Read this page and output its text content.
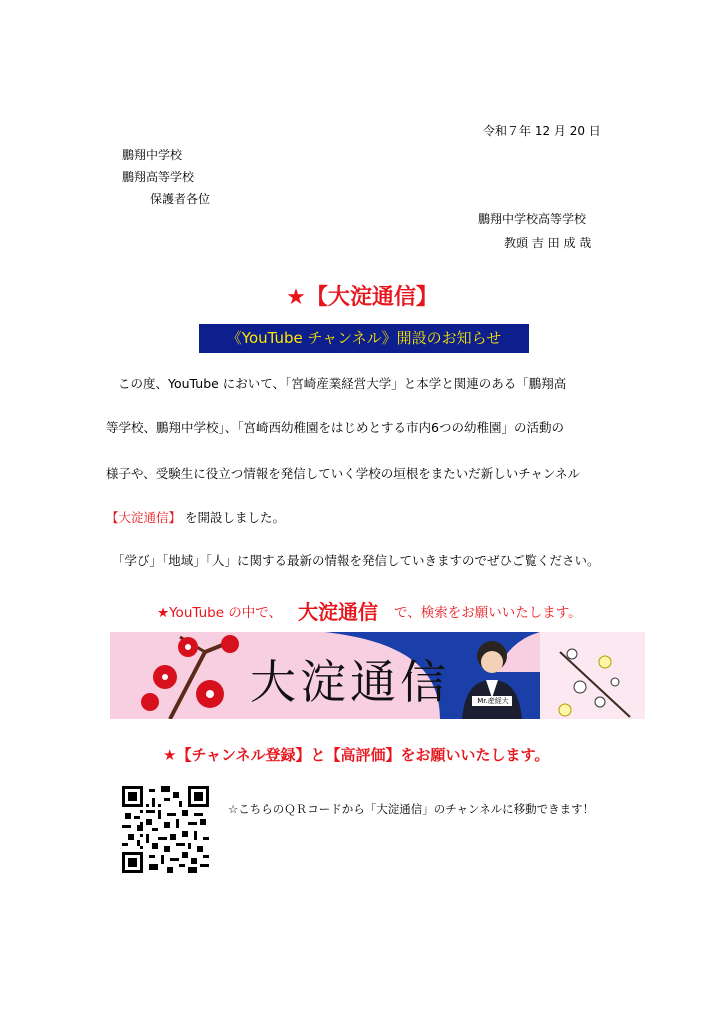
令和７年 12 月 20 日
鵬翔中学校
鵬翔高等学校
保護者各位
鵬翔中学校高等学校
教頭 吉 田 成 哉
★【大淀通信】
《YouTube チャンネル》開設のお知らせ
この度、YouTube において、「宮崎産業経営大学」と本学と関連のある「鵬翔高
等学校、鵬翔中学校」、「宮崎西幼稚園をはじめとする市内6つの幼稚園」の活動の
様子や、受験生に役立つ情報を発信していく学校の垣根をまたいだ新しいチャンネル
【大淀通信】 を開設しました。
「学び」「地域」「人」に関する最新の情報を発信していきますのでぜひご覧ください。
★YouTube の中で、 大淀通信 で、検索をお願いいたします。
大淀通信	Mr.産経大
★【チャンネル登録】と【高評価】をお願いいたします。
☆こちらのＱＲコードから「大淀通信」のチャンネルに移動できます！
